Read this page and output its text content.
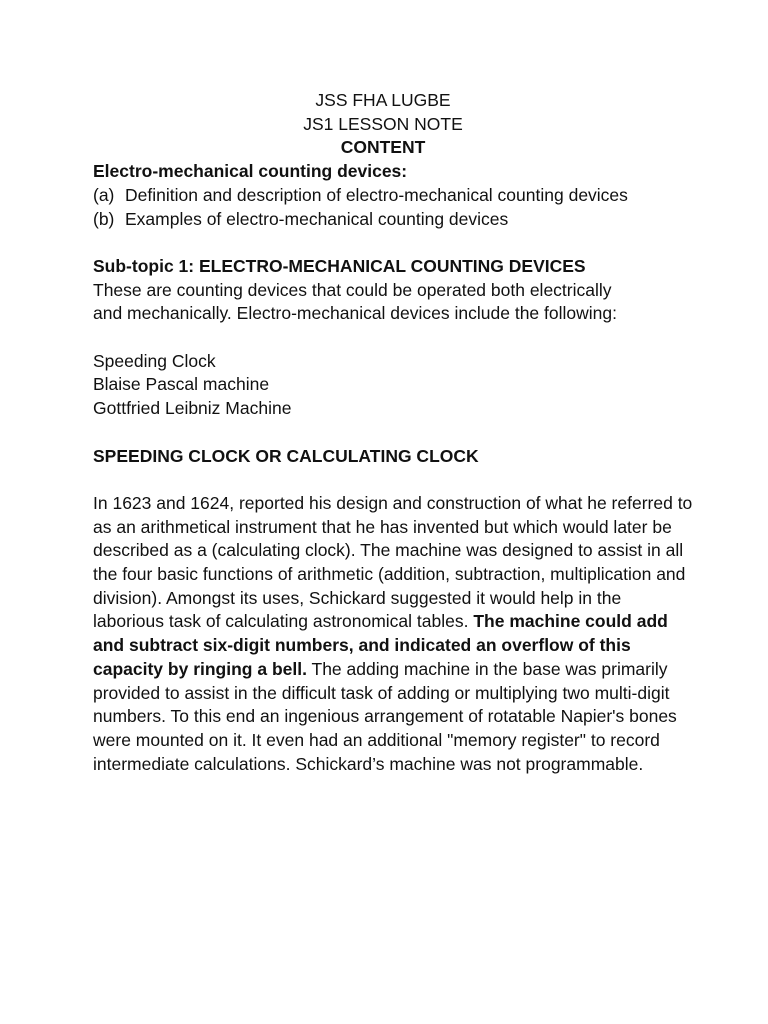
JSS FHA LUGBE
JS1 LESSON NOTE
CONTENT
Electro-mechanical counting devices:
(a) Definition and description of electro-mechanical counting devices
(b) Examples of electro-mechanical counting devices
Sub-topic 1: ELECTRO-MECHANICAL COUNTING DEVICES
These are counting devices that could be operated both electrically
and mechanically. Electro-mechanical devices include the following:
Speeding Clock
Blaise Pascal machine
Gottfried Leibniz Machine
SPEEDING CLOCK OR CALCULATING CLOCK

In 1623 and 1624, reported his design and construction of what he referred to as an arithmetical instrument that he has invented but which would later be described as a (calculating clock). The machine was designed to assist in all the four basic functions of arithmetic (addition, subtraction, multiplication and division). Amongst its uses, Schickard suggested it would help in the laborious task of calculating astronomical tables. The machine could add and subtract six-digit numbers, and indicated an overflow of this capacity by ringing a bell. The adding machine in the base was primarily provided to assist in the difficult task of adding or multiplying two multi-digit numbers. To this end an ingenious arrangement of rotatable Napier's bones were mounted on it. It even had an additional "memory register" to record intermediate calculations. Schickard’s machine was not programmable.
